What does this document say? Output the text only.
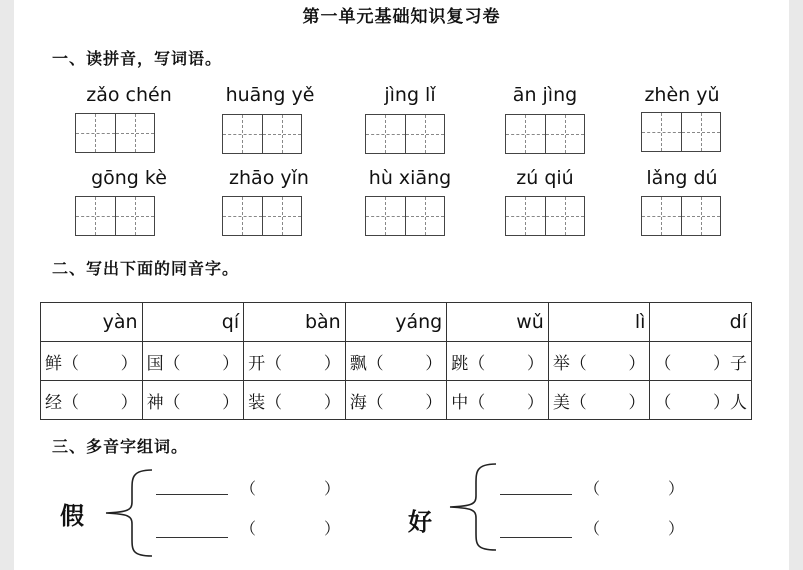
第一单元基础知识复习卷
一、读拼音，写词语。
zǎo chén	huāng yě	jìng lǐ	ān jìng	zhèn yǔ
gōng kè	zhāo yǐn	hù xiāng	zú qiú	lǎng dú
二、写出下面的同音字。
yàn	qí	bàn	yáng	wǔ	lì	dí

鲜（ ）	国（ ）	开（ ）	飘（ ）	跳（ ）	举（ ）	（ ）子

经（ ）	神（ ）	装（ ）	海（ ）	中（ ）	美（ ）	（ ）人
三、多音字组词。
假
（	）
（	）	好
（	）
（	）
